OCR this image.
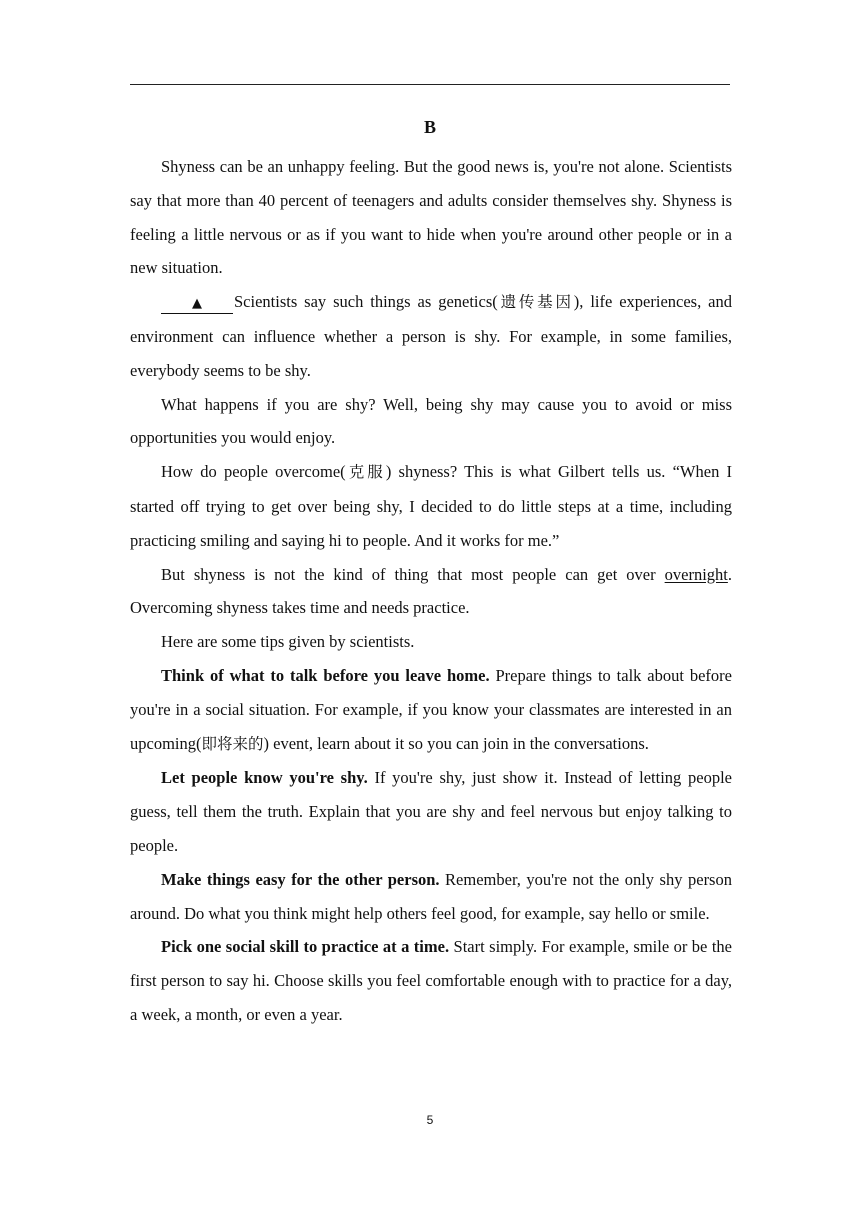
B

Shyness can be an unhappy feeling. But the good news is, you're not alone. Scientists say that more than 40 percent of teenagers and adults consider themselves shy. Shyness is feeling a little nervous or as if you want to hide when you're around other people or in a new situation.

▲ Scientists say such things as genetics(遗传基因), life experiences, and environment can influence whether a person is shy. For example, in some families, everybody seems to be shy.

What happens if you are shy? Well, being shy may cause you to avoid or miss opportunities you would enjoy.

How do people overcome(克服) shyness? This is what Gilbert tells us. “When I started off trying to get over being shy, I decided to do little steps at a time, including practicing smiling and saying hi to people. And it works for me.”

But shyness is not the kind of thing that most people can get over overnight. Overcoming shyness takes time and needs practice.

Here are some tips given by scientists.

Think of what to talk before you leave home. Prepare things to talk about before you're in a social situation. For example, if you know your classmates are interested in an upcoming(即将来的) event, learn about it so you can join in the conversations.

Let people know you're shy. If you're shy, just show it. Instead of letting people guess, tell them the truth. Explain that you are shy and feel nervous but enjoy talking to people.

Make things easy for the other person. Remember, you're not the only shy person around. Do what you think might help others feel good, for example, say hello or smile.

Pick one social skill to practice at a time. Start simply. For example, smile or be the first person to say hi. Choose skills you feel comfortable enough with to practice for a day, a week, a month, or even a year.

5
